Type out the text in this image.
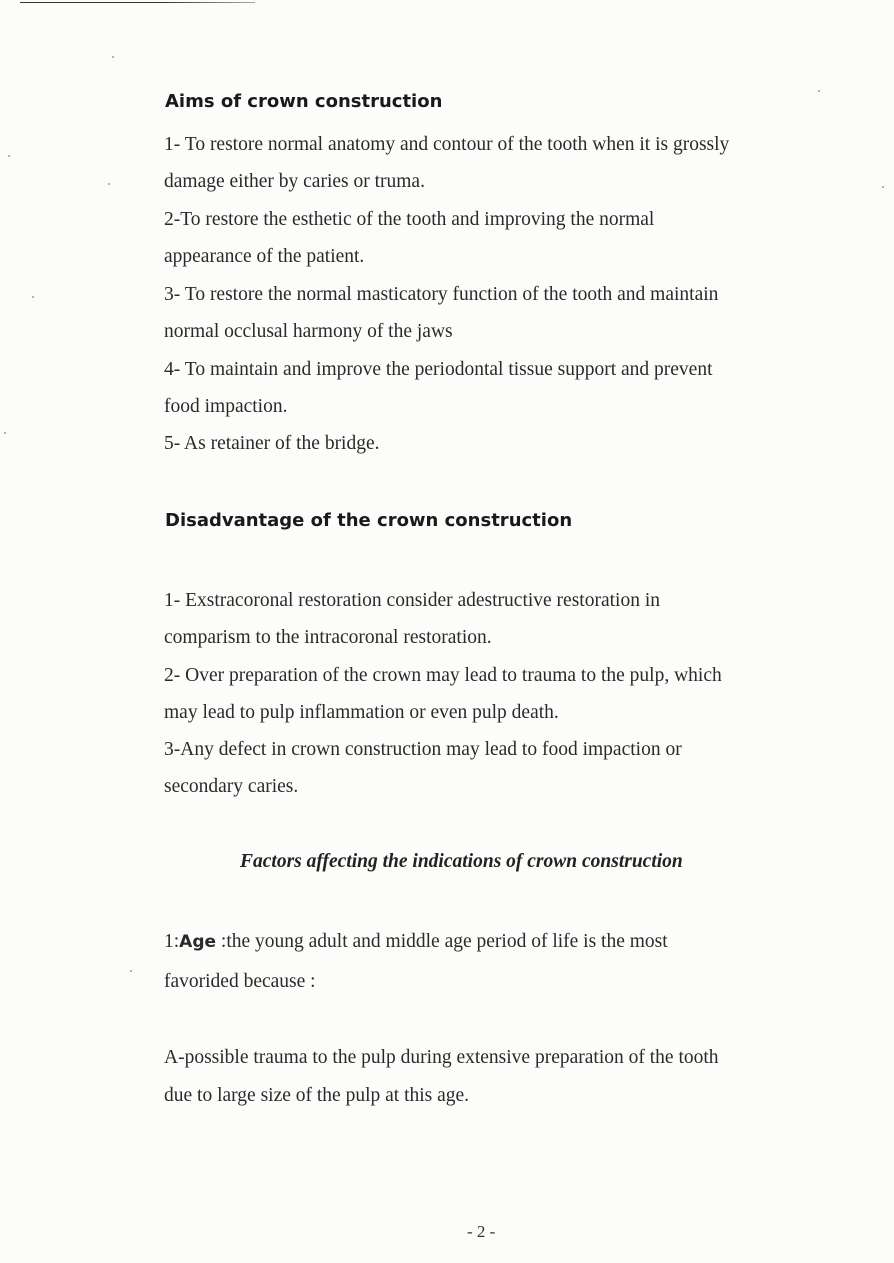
Aims of crown construction

1- To restore normal anatomy and contour of the tooth when it is grossly

damage either by caries or truma.

2-To restore the esthetic of the tooth and improving the normal

appearance of the patient.

3- To restore the normal masticatory function of the tooth and maintain

normal occlusal harmony of the jaws

4- To maintain and improve the periodontal tissue support and prevent

food impaction.

5- As retainer of the bridge.

Disadvantage of the crown construction

1- Exstracoronal restoration consider adestructive restoration in

comparism to the intracoronal restoration.

2- Over preparation of the crown may lead to trauma to the pulp, which

may lead to pulp inflammation or even pulp death.

3-Any defect in crown construction may lead to food impaction or

secondary caries.

Factors affecting the indications of crown construction

1:Age :the young adult and middle age period of life is the most

favorided because :

A-possible trauma to the pulp during extensive preparation of the tooth

due to large size of the pulp at this age.

- 2 -
